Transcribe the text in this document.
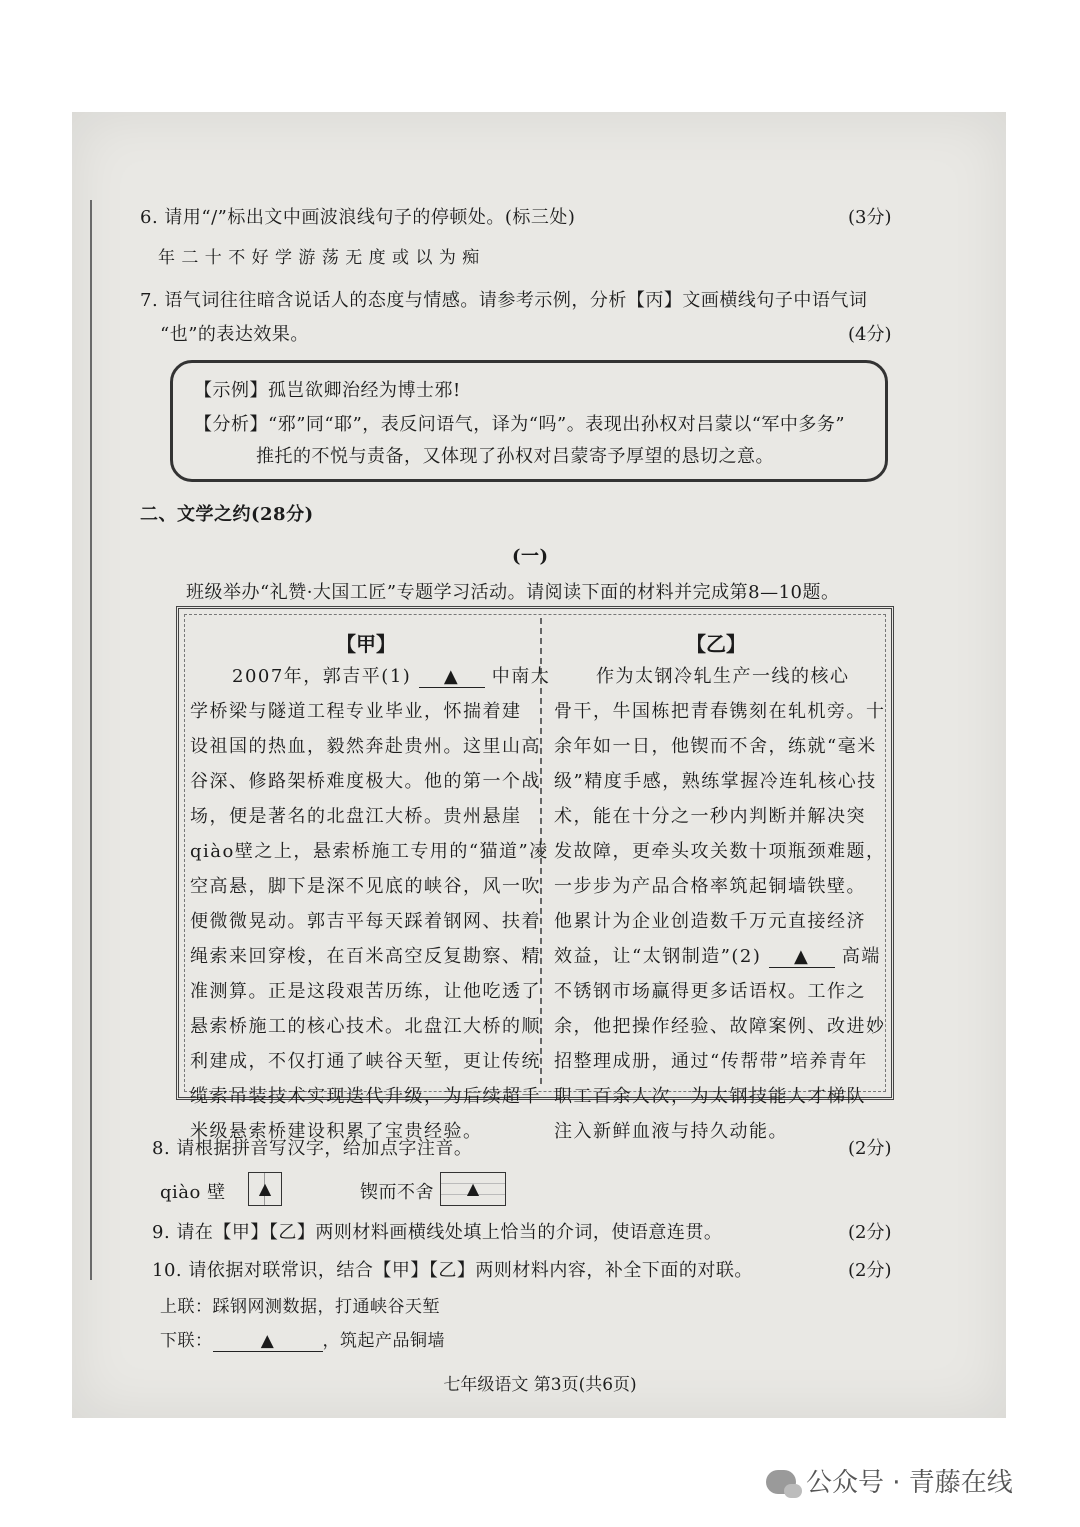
6. 请用“/”标出文中画波浪线句子的停顿处。(标三处)	(3分)
年 二 十 不 好 学 游 荡 无 度 或 以 为 痴
7. 语气词往往暗含说话人的态度与情感。请参考示例，分析【丙】文画横线句子中语气词
“也”的表达效果。	(4分)
【示例】孤岂欲卿治经为博士邪!
【分析】“邪”同“耶”，表反问语气，译为“吗”。表现出孙权对吕蒙以“军中多务”
推托的不悦与责备，又体现了孙权对吕蒙寄予厚望的恳切之意。
二、文学之约(28分)
(一)
班级举办“礼赞·大国工匠”专题学习活动。请阅读下面的材料并完成第8—10题。
【甲】	【乙】
2007年，郭吉平(1) ▲ 中南大
学桥梁与隧道工程专业毕业，怀揣着建
设祖国的热血，毅然奔赴贵州。这里山高
谷深、修路架桥难度极大。他的第一个战
场，便是著名的北盘江大桥。贵州悬崖
qiào壁之上，悬索桥施工专用的“猫道”凌
空高悬，脚下是深不见底的峡谷，风一吹
便微微晃动。郭吉平每天踩着钢网、扶着
绳索来回穿梭，在百米高空反复勘察、精
准测算。正是这段艰苦历练，让他吃透了
悬索桥施工的核心技术。北盘江大桥的顺
利建成，不仅打通了峡谷天堑，更让传统
缆索吊装技术实现迭代升级，为后续超千
米级悬索桥建设积累了宝贵经验。
作为太钢冷轧生产一线的核心
骨干，牛国栋把青春镌刻在轧机旁。十
余年如一日，他锲而不舍，练就“毫米
级”精度手感，熟练掌握冷连轧核心技
术，能在十分之一秒内判断并解决突
发故障，更牵头攻关数十项瓶颈难题，
一步步为产品合格率筑起铜墙铁壁。
他累计为企业创造数千万元直接经济
效益，让“太钢制造”(2) ▲ 高端
不锈钢市场赢得更多话语权。工作之
余，他把操作经验、故障案例、改进妙
招整理成册，通过“传帮带”培养青年
职工百余人次，为太钢技能人才梯队
注入新鲜血液与持久动能。
8. 请根据拼音写汉字，给加点字注音。	(2分)
qiào 壁	▲	锲而不舍	▲
9. 请在【甲】【乙】两则材料画横线处填上恰当的介词，使语意连贯。	(2分)
10. 请依据对联常识，结合【甲】【乙】两则材料内容，补全下面的对联。	(2分)
上联：踩钢网测数据，打通峡谷天堑
下联：	▲	，筑起产品铜墙
七年级语文 第3页(共6页)
公众号 · 青藤在线
